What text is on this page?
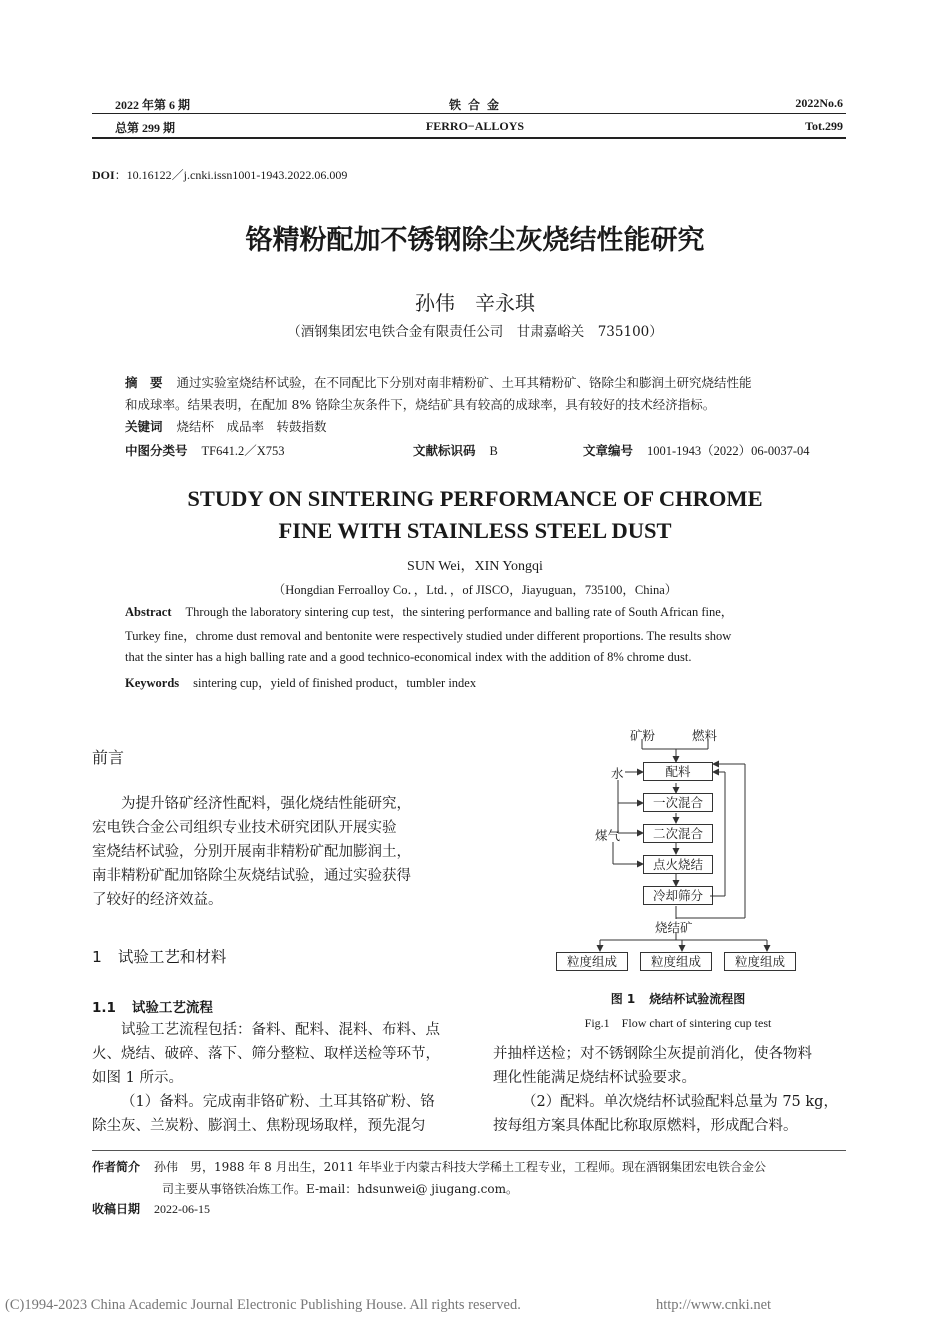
2022 年第 6 期
总第 299 期
铁 合 金
FERRO−ALLOYS
2022No.6
Tot.299
DOI：10.16122／j.cnki.issn1001-1943.2022.06.009
铬精粉配加不锈钢除尘灰烧结性能研究
孙伟　辛永琪
（酒钢集团宏电铁合金有限责任公司　甘肃嘉峪关　735100）
摘　要 通过实验室烧结杯试验，在不同配比下分别对南非精粉矿、土耳其精粉矿、铬除尘和膨润土研究烧结性能
和成球率。结果表明，在配加 8% 铬除尘灰条件下，烧结矿具有较高的成球率，具有较好的技术经济指标。
关键词 烧结杯　成品率　转鼓指数
中图分类号 TF641.2／X753	文献标识码 B	文章编号 1001-1943（2022）06-0037-04
STUDY ON SINTERING PERFORMANCE OF CHROME
FINE WITH STAINLESS STEEL DUST
SUN Wei，XIN Yongqi
（Hongdian Ferroalloy Co．，Ltd．，of JISCO，Jiayuguan，735100，China）
Abstract Through the laboratory sintering cup test，the sintering performance and balling rate of South African fine，
Turkey fine，chrome dust removal and bentonite were respectively studied under different proportions. The results show
that the sinter has a high balling rate and a good technico-economical index with the addition of 8% chrome dust.
Keywords sintering cup，yield of finished product，tumbler index
前言
为提升铬矿经济性配料，强化烧结性能研究，
宏电铁合金公司组织专业技术研究团队开展实验
室烧结杯试验，分别开展南非精粉矿配加膨润土，
南非精粉矿配加铬除尘灰烧结试验，通过实验获得
了较好的经济效益。
1 试验工艺和材料
1.1 试验工艺流程
试验工艺流程包括：备料、配料、混料、布料、点
火、烧结、破碎、落下、筛分整粒、取样送检等环节，
如图 1 所示。
（1）备料。完成南非铬矿粉、土耳其铬矿粉、铬
除尘灰、兰炭粉、膨润土、焦粉现场取样，预先混匀
矿粉	燃料
水
煤气
配料
一次混合
二次混合
点火烧结
冷却筛分
烧结矿
粒度组成	粒度组成	粒度组成
图 1 烧结杯试验流程图
Fig.1　Flow chart of sintering cup test
并抽样送检；对不锈钢除尘灰提前消化，使各物料
理化性能满足烧结杯试验要求。
（2）配料。单次烧结杯试验配料总量为 75 kg，
按每组方案具体配比称取原燃料，形成配合料。
作者简介 孙伟　男，1988 年 8 月出生，2011 年毕业于内蒙古科技大学稀土工程专业，工程师。现在酒钢集团宏电铁合金公
司主要从事铬铁冶炼工作。E-mail：hdsunwei@ jiugang.com。
收稿日期 2022-06-15
(C)1994-2023 China Academic Journal Electronic Publishing House. All rights reserved.	http://www.cnki.net
